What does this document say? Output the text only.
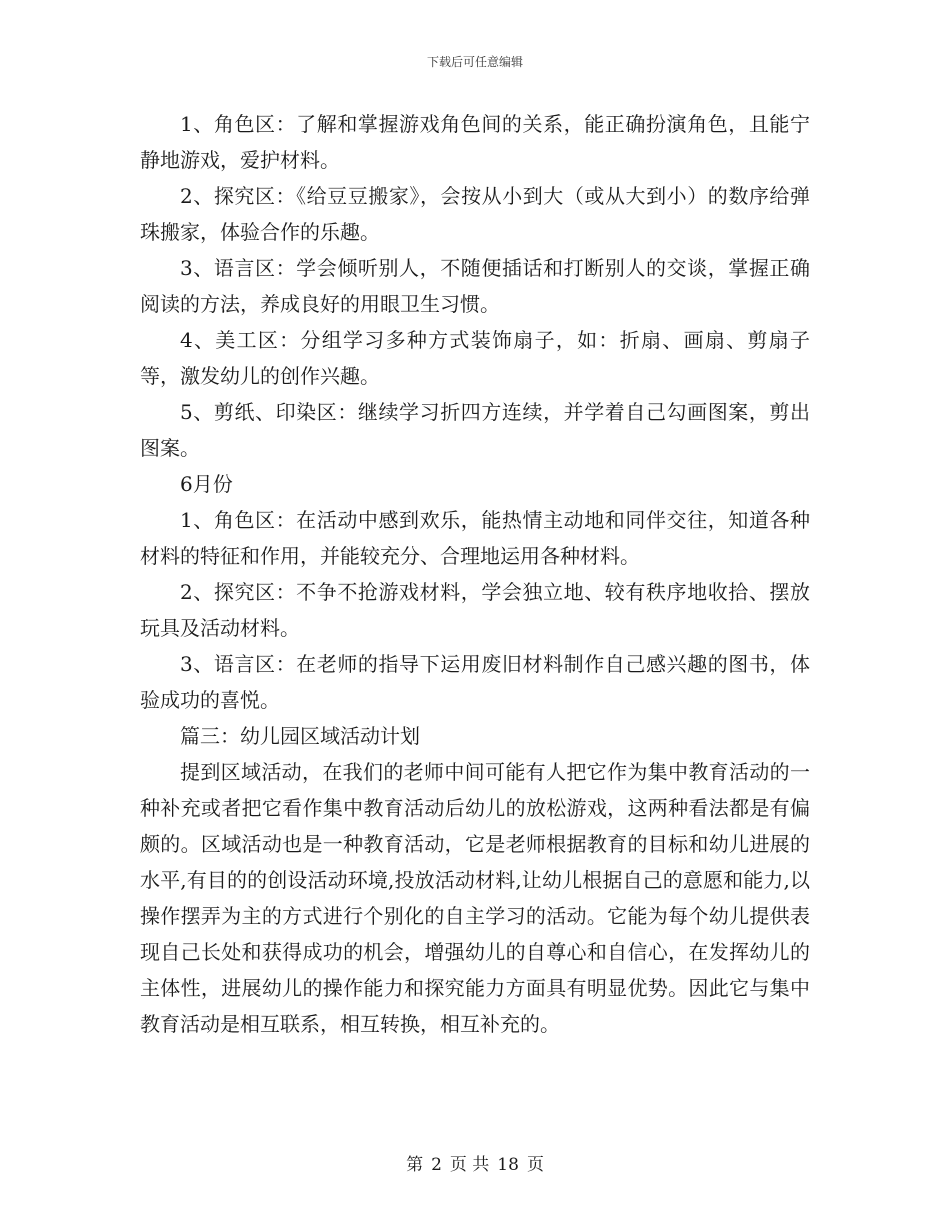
下载后可任意编辑

1、角色区：了解和掌握游戏角色间的关系，能正确扮演角色，且能宁静地游戏，爱护材料。

2、探究区：《给豆豆搬家》，会按从小到大（或从大到小）的数序给弹珠搬家，体验合作的乐趣。

3、语言区：学会倾听别人，不随便插话和打断别人的交谈，掌握正确阅读的方法，养成良好的用眼卫生习惯。

4、美工区：分组学习多种方式装饰扇子，如：折扇、画扇、剪扇子等，激发幼儿的创作兴趣。

5、剪纸、印染区：继续学习折四方连续，并学着自己勾画图案，剪出图案。

6月份

1、角色区：在活动中感到欢乐，能热情主动地和同伴交往，知道各种材料的特征和作用，并能较充分、合理地运用各种材料。

2、探究区：不争不抢游戏材料，学会独立地、较有秩序地收拾、摆放玩具及活动材料。

3、语言区：在老师的指导下运用废旧材料制作自己感兴趣的图书，体验成功的喜悦。

篇三：幼儿园区域活动计划

提到区域活动，在我们的老师中间可能有人把它作为集中教育活动的一种补充或者把它看作集中教育活动后幼儿的放松游戏，这两种看法都是有偏颇的。区域活动也是一种教育活动，它是老师根据教育的目标和幼儿进展的水平,有目的的创设活动环境,投放活动材料,让幼儿根据自己的意愿和能力,以操作摆弄为主的方式进行个别化的自主学习的活动。它能为每个幼儿提供表现自己长处和获得成功的机会，增强幼儿的自尊心和自信心，在发挥幼儿的主体性，进展幼儿的操作能力和探究能力方面具有明显优势。因此它与集中教育活动是相互联系，相互转换，相互补充的。

第 2 页 共 18 页
